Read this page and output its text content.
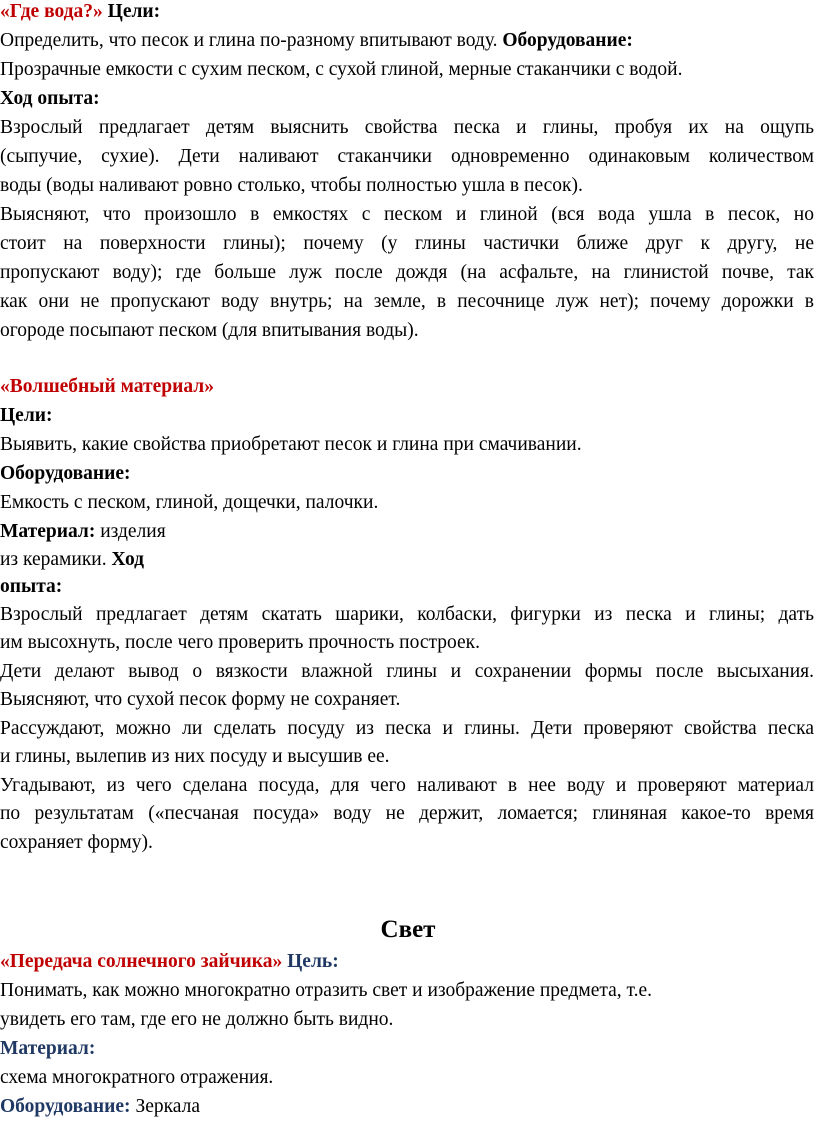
«Где вода?» Цели:
Определить, что песок и глина по-разному впитывают воду. Оборудование:
Прозрачные емкости с сухим песком, с сухой глиной, мерные стаканчики с водой.
Ход опыта:
Взрослый предлагает детям выяснить свойства песка и глины, пробуя их на ощупь
(сыпучие, сухие). Дети наливают стаканчики одновременно одинаковым количеством
воды (воды наливают ровно столько, чтобы полностью ушла в песок).
Выясняют, что произошло в емкостях с песком и глиной (вся вода ушла в песок, но
стоит на поверхности глины); почему (у глины частички ближе друг к другу, не
пропускают воду); где больше луж после дождя (на асфальте, на глинистой почве, так
как они не пропускают воду внутрь; на земле, в песочнице луж нет); почему дорожки в
огороде посыпают песком (для впитывания воды).
«Волшебный материал»
Цели:
Выявить, какие свойства приобретают песок и глина при смачивании.
Оборудование:
Емкость с песком, глиной, дощечки, палочки.
Материал: изделия
из керамики. Ход
опыта:
Взрослый предлагает детям скатать шарики, колбаски, фигурки из песка и глины; дать
им высохнуть, после чего проверить прочность построек.
Дети делают вывод о вязкости влажной глины и сохранении формы после высыхания.
Выясняют, что сухой песок форму не сохраняет.
Рассуждают, можно ли сделать посуду из песка и глины. Дети проверяют свойства песка
и глины, вылепив из них посуду и высушив ее.
Угадывают, из чего сделана посуда, для чего наливают в нее воду и проверяют материал
по результатам («песчаная посуда» воду не держит, ломается; глиняная какое-то время
сохраняет форму).
Свет
«Передача солнечного зайчика» Цель:
Понимать, как можно многократно отразить свет и изображение предмета, т.е.
увидеть его там, где его не должно быть видно.
Материал:
схема многократного отражения.
Оборудование: Зеркала
